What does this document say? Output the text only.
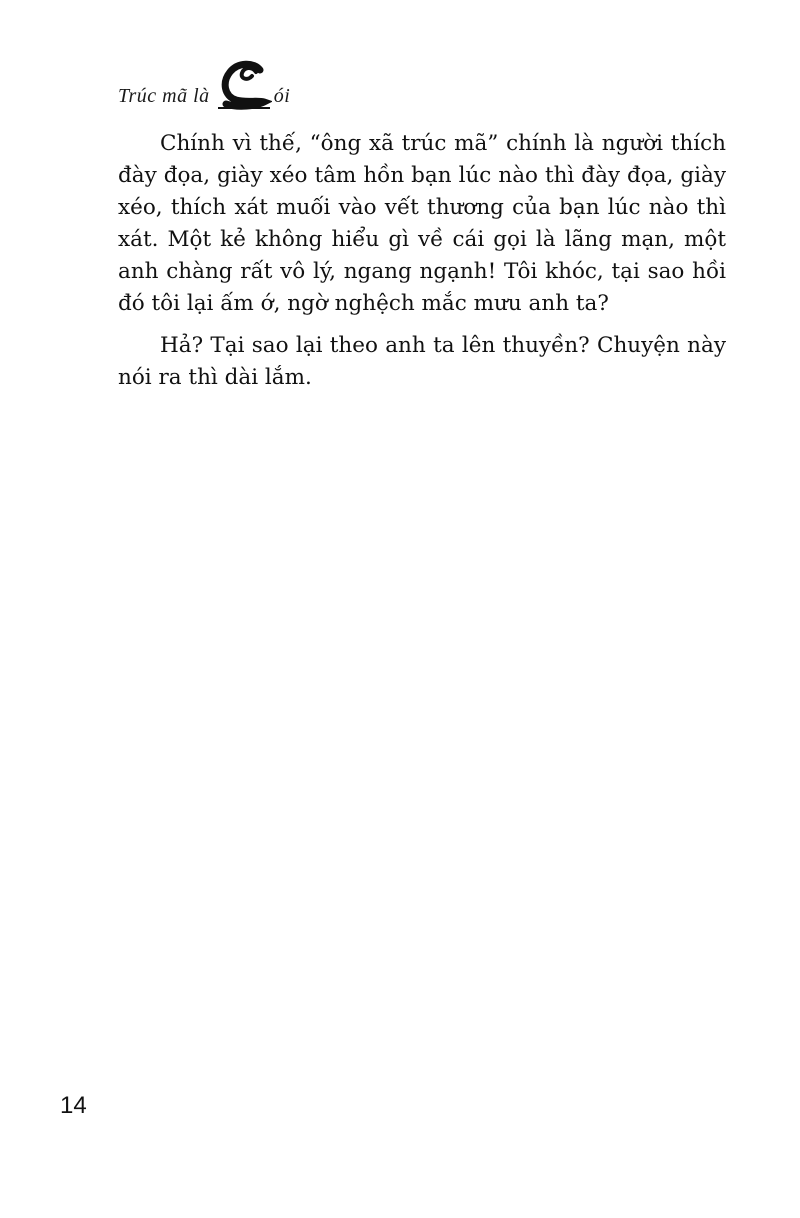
Trúc mã là	ói

Chính vì thế, “ông xã trúc mã” chính là người thích đày đọa, giày xéo tâm hồn bạn lúc nào thì đày đọa, giày xéo, thích xát muối vào vết thương của bạn lúc nào thì xát. Một kẻ không hiểu gì về cái gọi là lãng mạn, một anh chàng rất vô lý, ngang ngạnh! Tôi khóc, tại sao hồi đó tôi lại ấm ớ, ngờ nghệch mắc mưu anh ta?

Hả? Tại sao lại theo anh ta lên thuyền? Chuyện này nói ra thì dài lắm.

14
